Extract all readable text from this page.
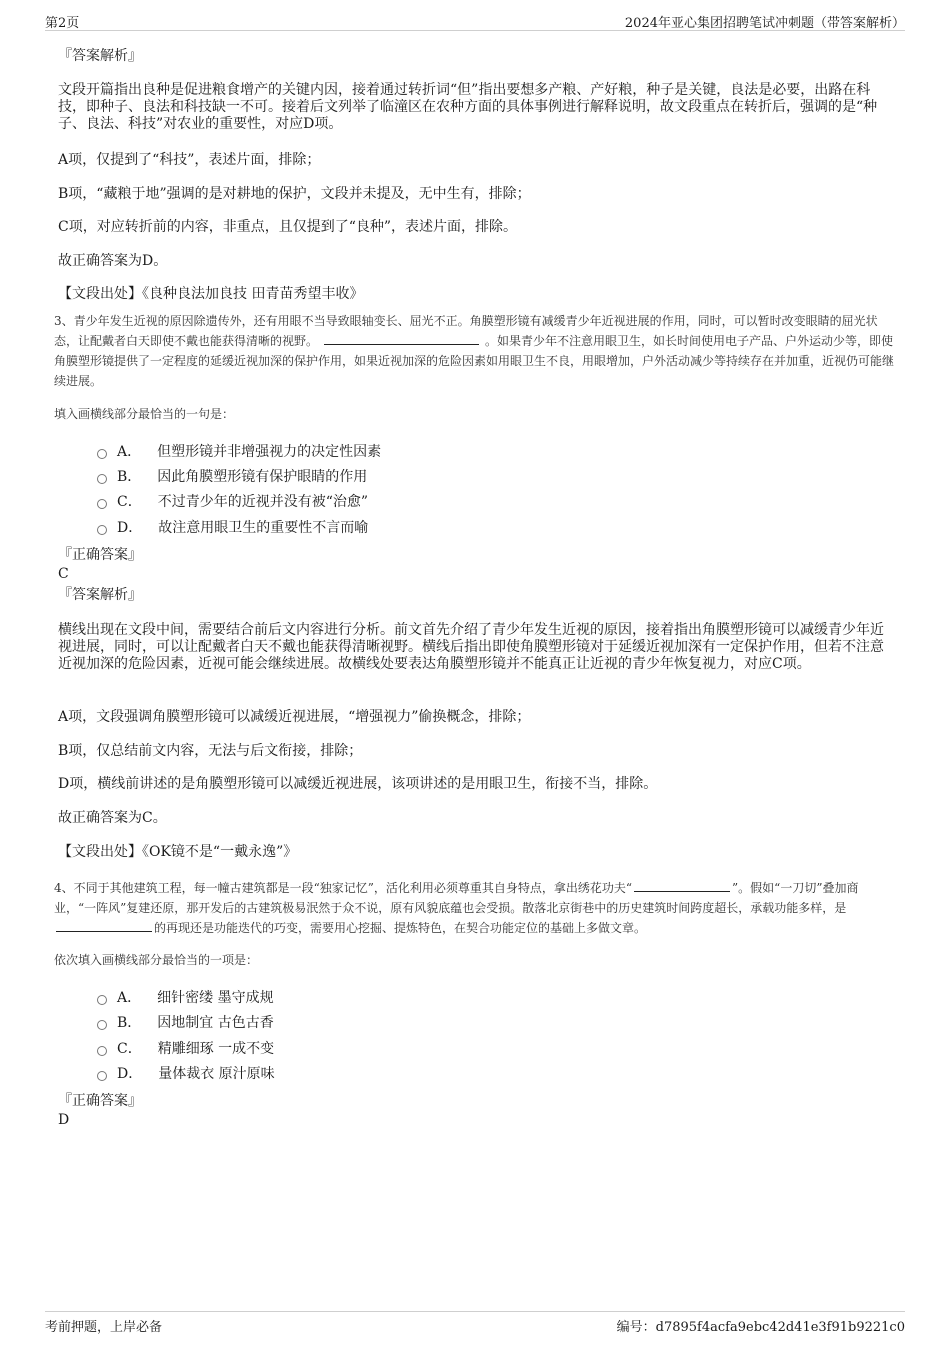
第2页	2024年亚心集团招聘笔试冲刺题（带答案解析）
『答案解析』

文段开篇指出良种是促进粮食增产的关键内因，接着通过转折词“但”指出要想多产粮、产好粮，种子是关键，良法是必要，出路在科技，即种子、良法和科技缺一不可。接着后文列举了临潼区在农种方面的具体事例进行解释说明，故文段重点在转折后，强调的是“种子、良法、科技”对农业的重要性，对应D项。

A项，仅提到了“科技”，表述片面，排除；

B项，“藏粮于地”强调的是对耕地的保护，文段并未提及，无中生有，排除；

C项，对应转折前的内容，非重点，且仅提到了“良种”，表述片面，排除。

故正确答案为D。

【文段出处】《良种良法加良技 田青苗秀望丰收》

3、青少年发生近视的原因除遗传外，还有用眼不当导致眼轴变长、屈光不正。角膜塑形镜有减缓青少年近视进展的作用，同时，可以暂时改变眼睛的屈光状态，让配戴者白天即使不戴也能获得清晰的视野。	。如果青少年不注意用眼卫生，如长时间使用电子产品、户外运动少等，即使角膜塑形镜提供了一定程度的延缓近视加深的保护作用，如果近视加深的危险因素如用眼卫生不良，用眼增加，户外活动减少等持续存在并加重，近视仍可能继续进展。

填入画横线部分最恰当的一句是：

A． 但塑形镜并非增强视力的决定性因素
B． 因此角膜塑形镜有保护眼睛的作用
C． 不过青少年的近视并没有被“治愈”
D． 故注意用眼卫生的重要性不言而喻
『正确答案』
C
『答案解析』

横线出现在文段中间，需要结合前后文内容进行分析。前文首先介绍了青少年发生近视的原因，接着指出角膜塑形镜可以减缓青少年近视进展，同时，可以让配戴者白天不戴也能获得清晰视野。横线后指出即使角膜塑形镜对于延缓近视加深有一定保护作用，但若不注意近视加深的危险因素，近视可能会继续进展。故横线处要表达角膜塑形镜并不能真正让近视的青少年恢复视力，对应C项。

A项，文段强调角膜塑形镜可以减缓近视进展，“增强视力”偷换概念，排除；

B项，仅总结前文内容，无法与后文衔接，排除；

D项，横线前讲述的是角膜塑形镜可以减缓近视进展，该项讲述的是用眼卫生，衔接不当，排除。

故正确答案为C。

【文段出处】《OK镜不是“一戴永逸”》

4、不同于其他建筑工程，每一幢古建筑都是一段“独家记忆”，活化利用必须尊重其自身特点，拿出绣花功夫“	”。假如“一刀切”叠加商业，“一阵风”复建还原，那开发后的古建筑极易泯然于众不说，原有风貌底蕴也会受损。散落北京街巷中的历史建筑时间跨度超长，承载功能多样，是的再现还是功能迭代的巧变，需要用心挖掘、提炼特色，在契合功能定位的基础上多做文章。

依次填入画横线部分最恰当的一项是：

A． 细针密缕 墨守成规
B． 因地制宜 古色古香
C． 精雕细琢 一成不变
D． 量体裁衣 原汁原味
『正确答案』
D
考前押题，上岸必备	编号：d7895f4acfa9ebc42d41e3f91b9221c0
